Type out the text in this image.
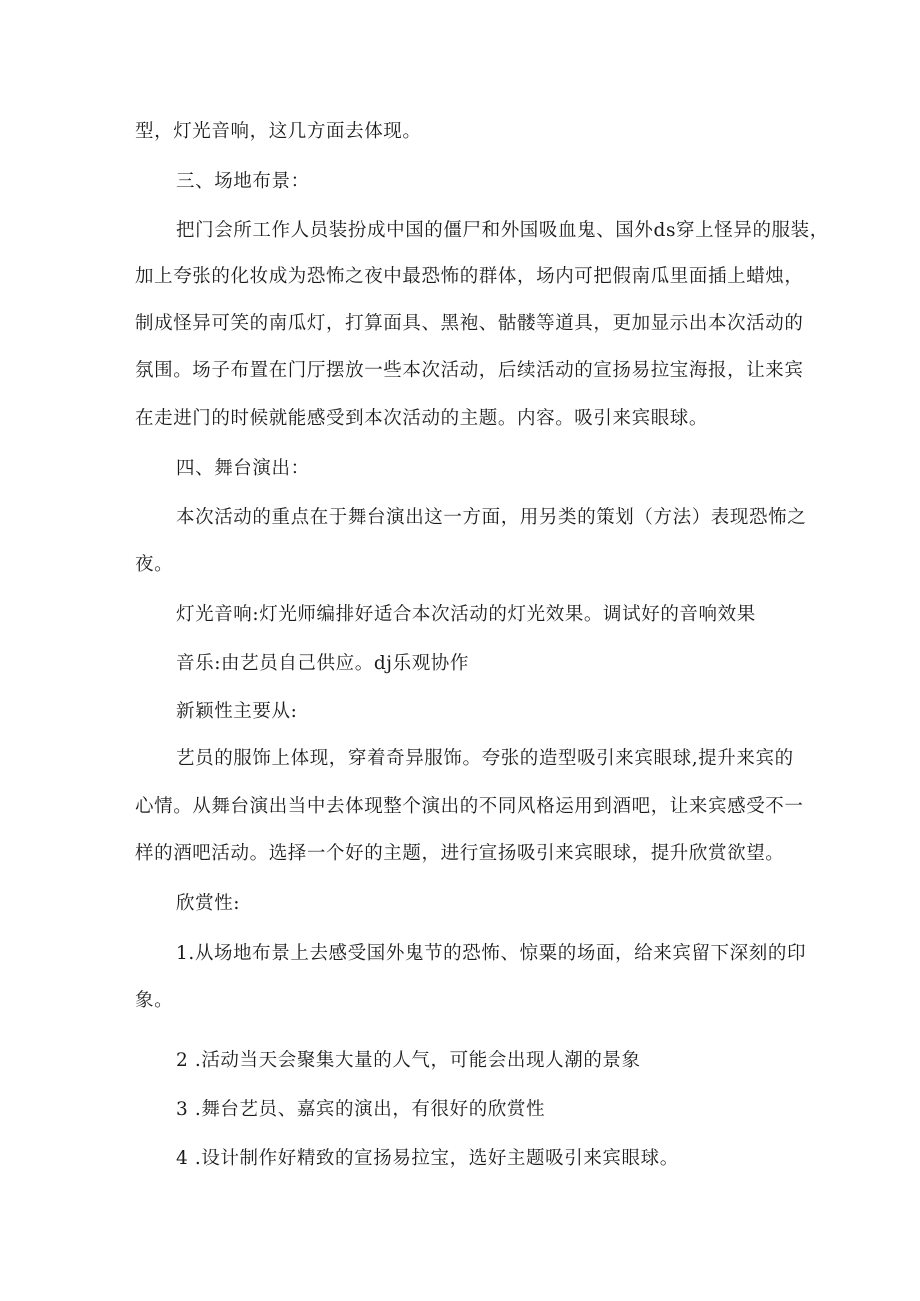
型，灯光音响，这几方面去体现。
三、场地布景：
把门会所工作人员装扮成中国的僵尸和外国吸血鬼、国外ds穿上怪异的服装，
加上夸张的化妆成为恐怖之夜中最恐怖的群体，场内可把假南瓜里面插上蜡烛，
制成怪异可笑的南瓜灯，打算面具、黑袍、骷髅等道具，更加显示出本次活动的
氛围。场子布置在门厅摆放一些本次活动，后续活动的宣扬易拉宝海报，让来宾
在走进门的时候就能感受到本次活动的主题。内容。吸引来宾眼球。
四、舞台演出：
本次活动的重点在于舞台演出这一方面，用另类的策划（方法）表现恐怖之
夜。
灯光音响:灯光师编排好适合本次活动的灯光效果。调试好的音响效果
音乐:由艺员自己供应。dj乐观协作
新颖性主要从:
艺员的服饰上体现，穿着奇异服饰。夸张的造型吸引来宾眼球,提升来宾的
心情。从舞台演出当中去体现整个演出的不同风格运用到酒吧，让来宾感受不一
样的酒吧活动。选择一个好的主题，进行宣扬吸引来宾眼球，提升欣赏欲望。
欣赏性:
1.从场地布景上去感受国外鬼节的恐怖、惊粟的场面，给来宾留下深刻的印
象。
2 .活动当天会聚集大量的人气，可能会出现人潮的景象
3 .舞台艺员、嘉宾的演出，有很好的欣赏性
4 .设计制作好精致的宣扬易拉宝，选好主题吸引来宾眼球。
